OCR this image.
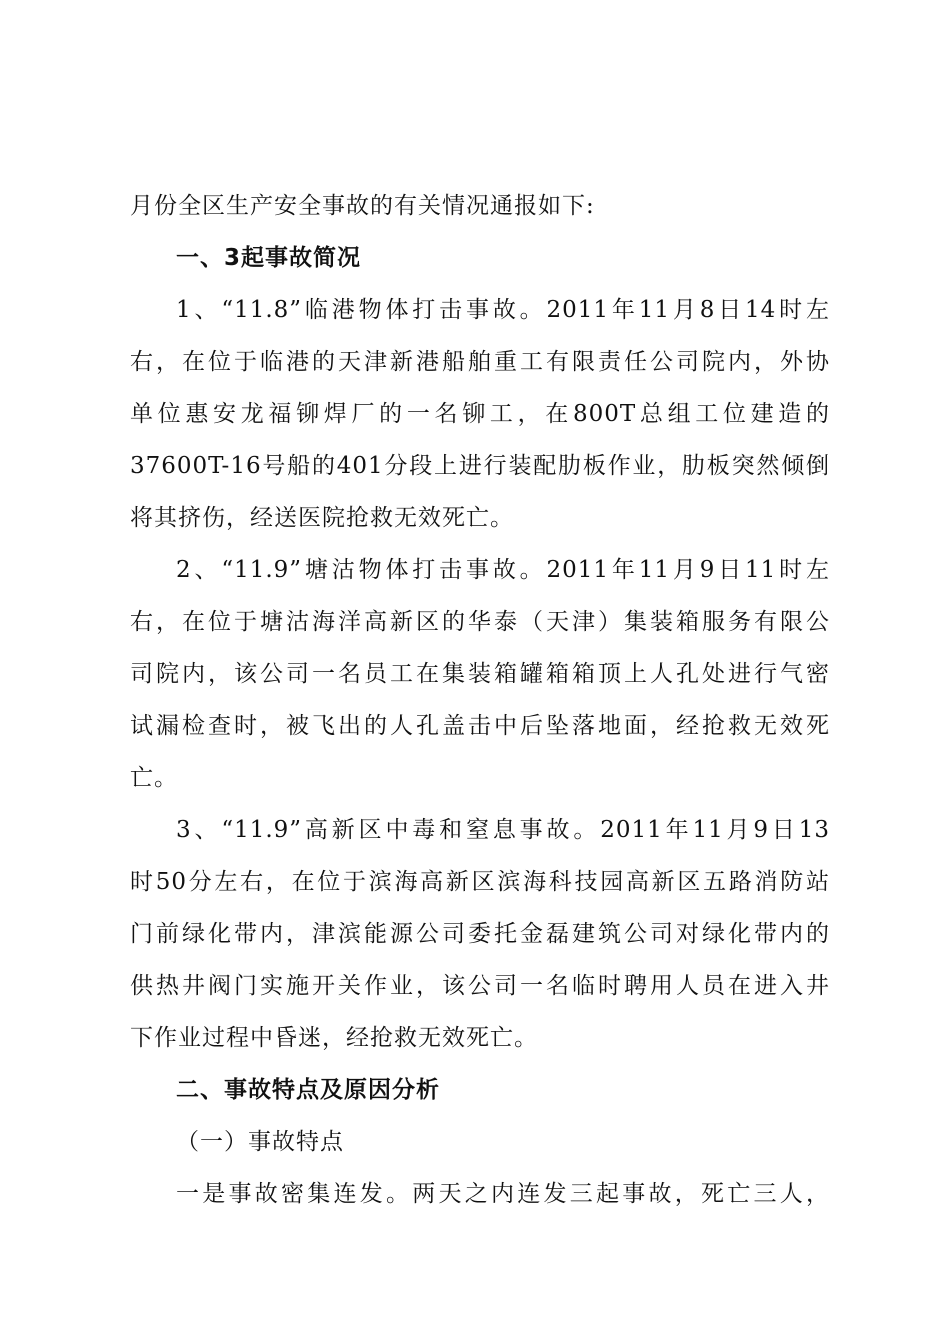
月份全区生产安全事故的有关情况通报如下:

一、3起事故简况

1、“11.8”临港物体打击事故。2011年11月8日14时左
右，在位于临港的天津新港船舶重工有限责任公司院内，外协
单位惠安龙福铆焊厂的一名铆工，在800T总组工位建造的
37600T-16号船的401分段上进行装配肋板作业，肋板突然倾倒
将其挤伤，经送医院抢救无效死亡。

2、“11.9”塘沽物体打击事故。2011年11月9日11时左
右，在位于塘沽海洋高新区的华泰（天津）集装箱服务有限公
司院内，该公司一名员工在集装箱罐箱箱顶上人孔处进行气密
试漏检查时，被飞出的人孔盖击中后坠落地面，经抢救无效死
亡。

3、“11.9”高新区中毒和窒息事故。2011年11月9日13
时50分左右，在位于滨海高新区滨海科技园高新区五路消防站
门前绿化带内，津滨能源公司委托金磊建筑公司对绿化带内的
供热井阀门实施开关作业，该公司一名临时聘用人员在进入井
下作业过程中昏迷，经抢救无效死亡。

二、事故特点及原因分析

（一）事故特点

一是事故密集连发。两天之内连发三起事故，死亡三人，
